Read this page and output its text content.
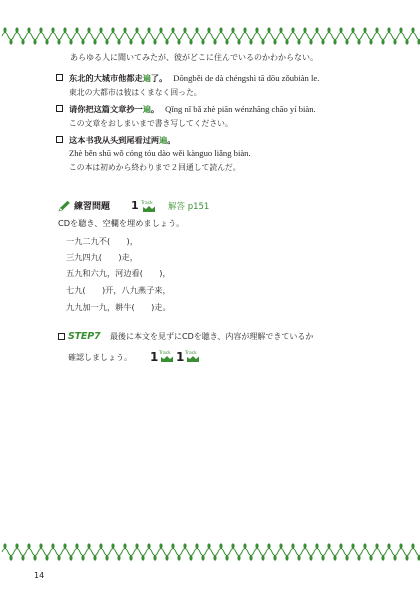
あらゆる人に聞いてみたが、彼がどこに住んでいるのかわからない。
东北的大城市他都走遍了。 Dōngběi de dà chéngshì tā dōu zǒubiàn le.
東北の大都市は彼はくまなく回った。
请你把这篇文章抄一遍。 Qǐng nǐ bǎ zhè piān wénzhāng chāo yí biàn.
この文章をおしまいまで書き写してください。
这本书我从头到尾看过两遍。
Zhè běn shū wǒ cóng tóu dào wěi kànguo liǎng biàn.
この本は初めから終わりまで２回通して読んだ。
練習問題 1 Track 解答 p151
CDを聴き、空欄を埋めましょう。
一九二九不(　　)，
三九四九(　　)走，
五九和六九，河边看(　　)，
七九(　　)开，八九燕子来，
九九加一九，耕牛(　　)走。
STEP7	最後に本文を見ずにCDを聴き、内容が理解できているか
確認しましょう。 1 Track 1 Track
14
